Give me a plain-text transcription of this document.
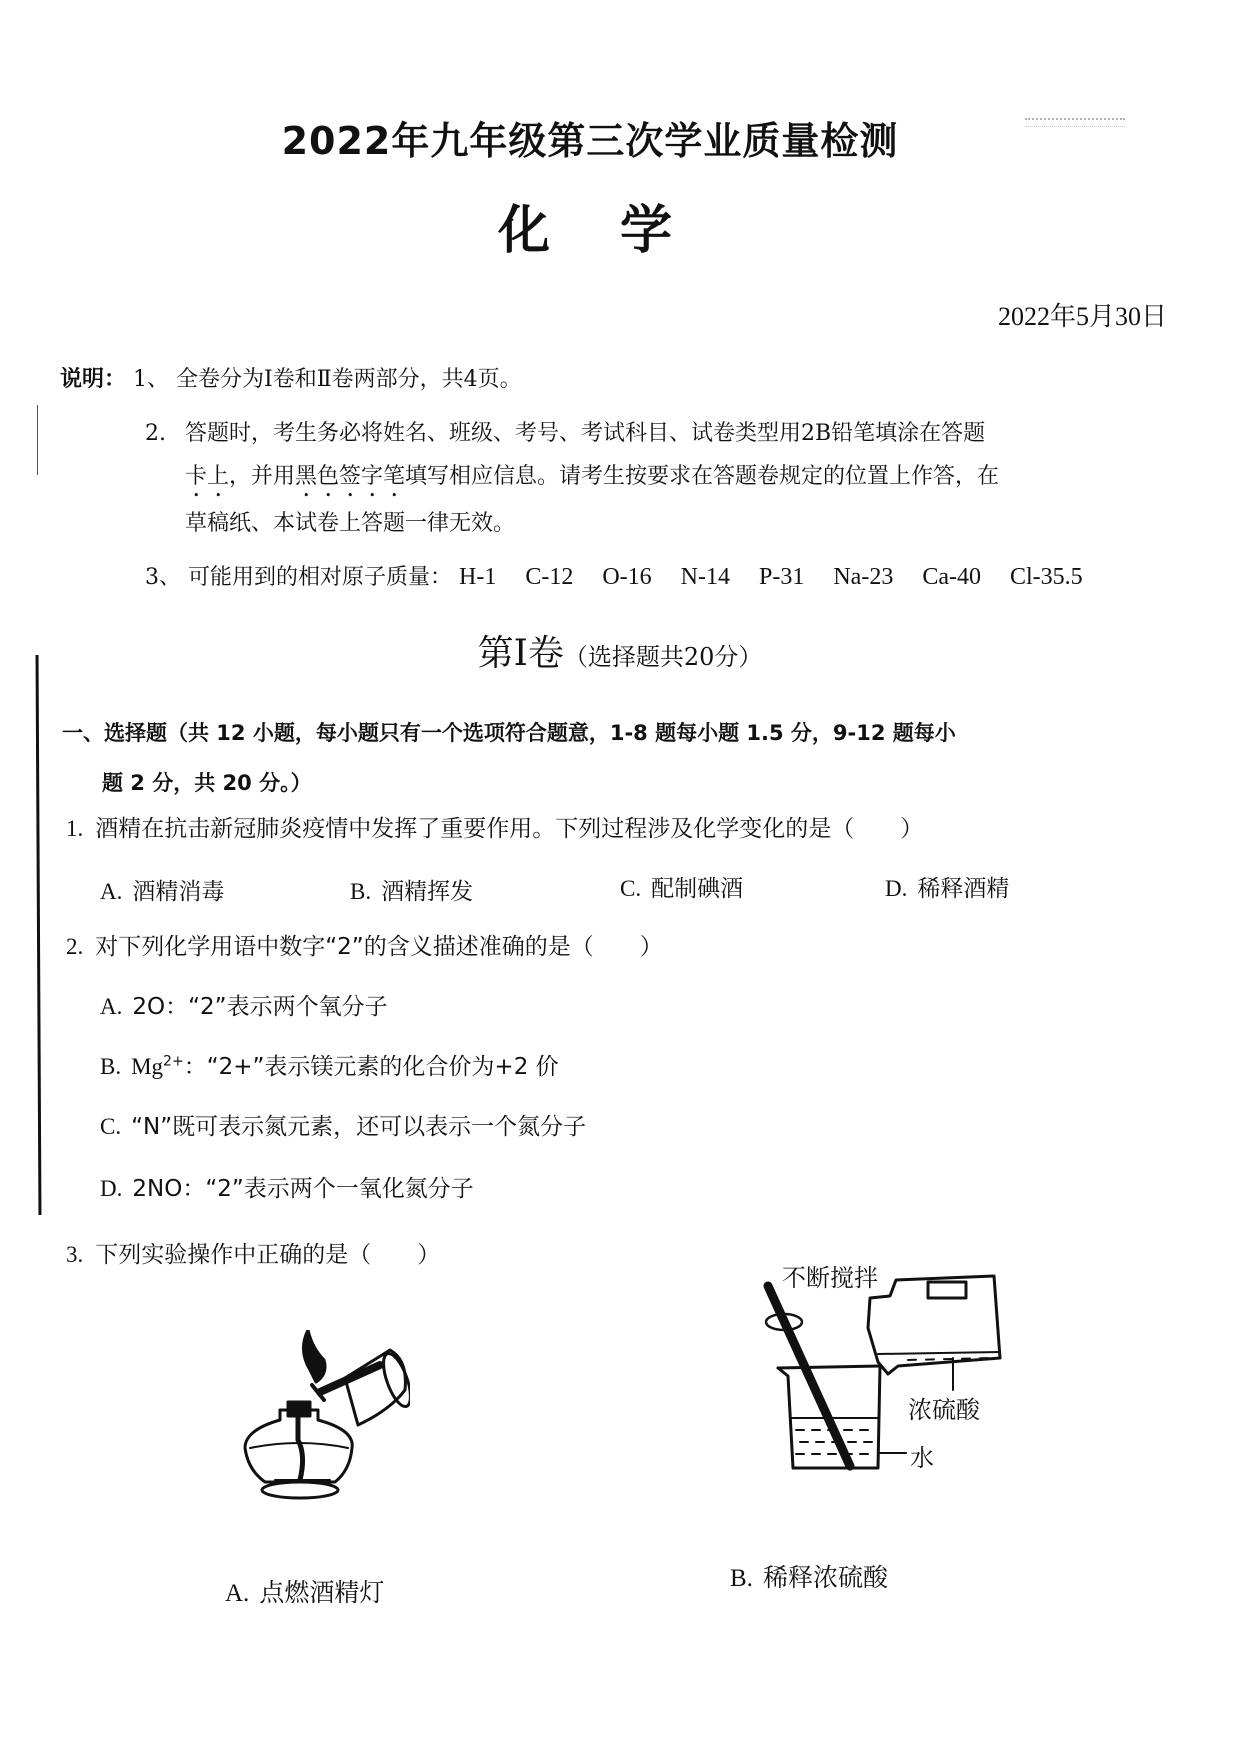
2022年九年级第三次学业质量检测
化学
2022年5月30日
说明： 1、 全卷分为Ⅰ卷和Ⅱ卷两部分，共4页。
2. 答题时，考生务必将姓名、班级、考号、考试科目、试卷类型用2B铅笔填涂在答题
卡上，并用黑色签字笔填写相应信息。请考生按要求在答题卷规定的位置上作答，在
草稿纸、本试卷上答题一律无效。
3、 可能用到的相对原子质量： H-1 C-12 O-16 N-14 P-31 Na-23 Ca-40 Cl-35.5
第Ⅰ卷（选择题共20分）
一、选择题（共 12 小题，每小题只有一个选项符合题意，1-8 题每小题 1.5 分，9-12 题每小
题 2 分，共 20 分。）
1. 酒精在抗击新冠肺炎疫情中发挥了重要作用。下列过程涉及化学变化的是（　　）
A. 酒精消毒	B. 酒精挥发	C. 配制碘酒	D. 稀释酒精
2. 对下列化学用语中数字“2”的含义描述准确的是（　　）
A. 2O：“2”表示两个氧分子
B. $Mg^{2+}$：“2+”表示镁元素的化合价为+2 价
C. “N”既可表示氮元素，还可以表示一个氮分子
D. 2NO：“2”表示两个一氧化氮分子
3. 下列实验操作中正确的是（　　）
A. 点燃酒精灯
不断搅拌
浓硫酸
水
B. 稀释浓硫酸
